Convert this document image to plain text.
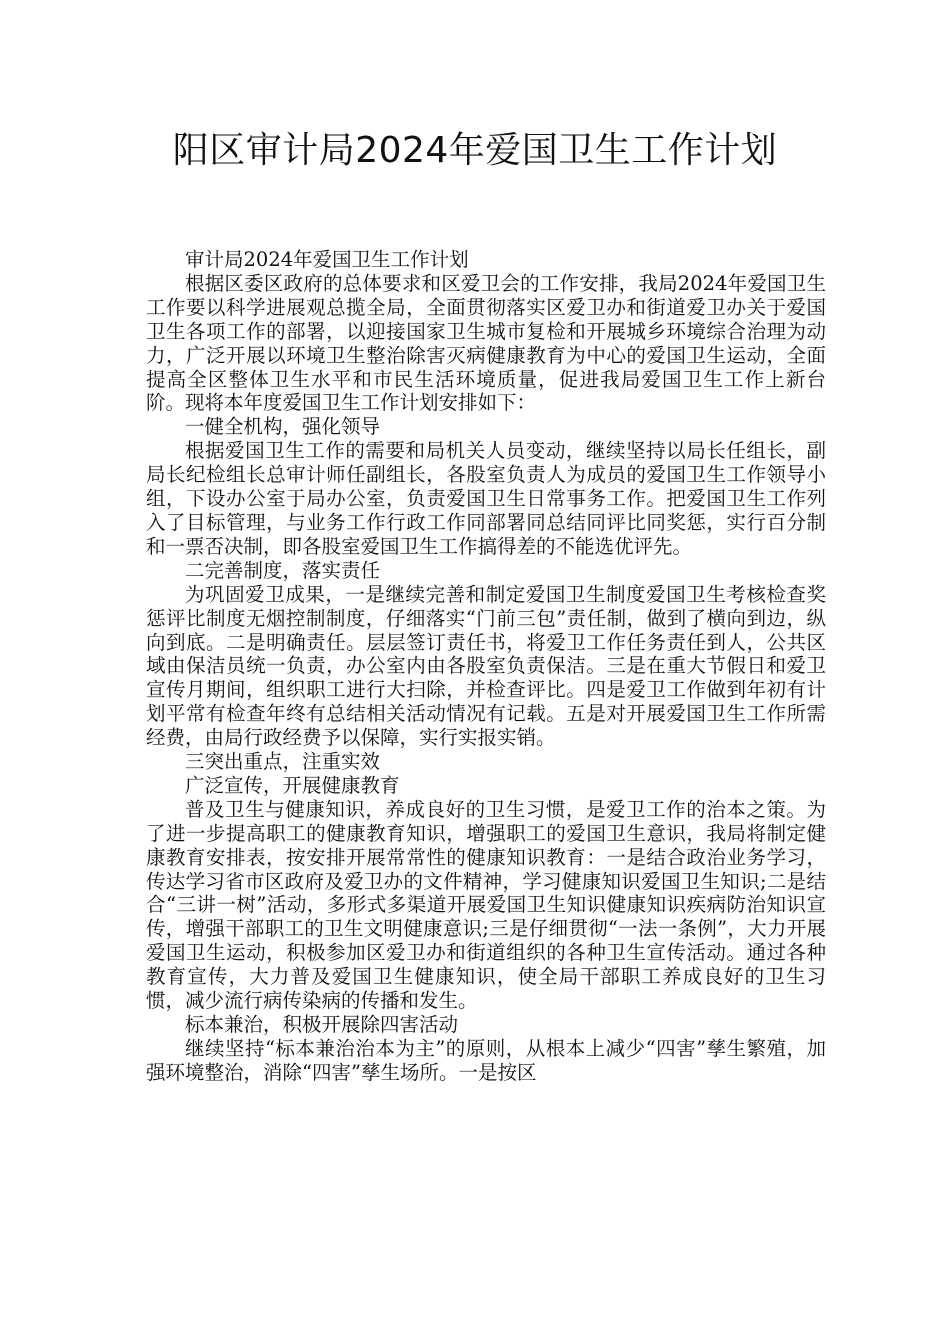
阳区审计局2024年爱国卫生工作计划

审计局2024年爱国卫生工作计划

根据区委区政府的总体要求和区爱卫会的工作安排，我局2024年爱国卫生工作要以科学进展观总揽全局，全面贯彻落实区爱卫办和街道爱卫办关于爱国卫生各项工作的部署，以迎接国家卫生城市复检和开展城乡环境综合治理为动力，广泛开展以环境卫生整治除害灭病健康教育为中心的爱国卫生运动，全面提高全区整体卫生水平和市民生活环境质量，促进我局爱国卫生工作上新台阶。现将本年度爱国卫生工作计划安排如下：

一健全机构，强化领导

根据爱国卫生工作的需要和局机关人员变动，继续坚持以局长任组长，副局长纪检组长总审计师任副组长，各股室负责人为成员的爱国卫生工作领导小组，下设办公室于局办公室，负责爱国卫生日常事务工作。把爱国卫生工作列入了目标管理，与业务工作行政工作同部署同总结同评比同奖惩，实行百分制和一票否决制，即各股室爱国卫生工作搞得差的不能选优评先。

二完善制度，落实责任

为巩固爱卫成果，一是继续完善和制定爱国卫生制度爱国卫生考核检查奖惩评比制度无烟控制制度，仔细落实“门前三包”责任制，做到了横向到边，纵向到底。二是明确责任。层层签订责任书，将爱卫工作任务责任到人，公共区域由保洁员统一负责，办公室内由各股室负责保洁。三是在重大节假日和爱卫宣传月期间，组织职工进行大扫除，并检查评比。四是爱卫工作做到年初有计划平常有检查年终有总结相关活动情况有记载。五是对开展爱国卫生工作所需经费，由局行政经费予以保障，实行实报实销。

三突出重点，注重实效

广泛宣传，开展健康教育

普及卫生与健康知识，养成良好的卫生习惯，是爱卫工作的治本之策。为了进一步提高职工的健康教育知识，增强职工的爱国卫生意识，我局将制定健康教育安排表，按安排开展常常性的健康知识教育：一是结合政治业务学习，传达学习省市区政府及爱卫办的文件精神，学习健康知识爱国卫生知识;二是结合“三讲一树”活动，多形式多渠道开展爱国卫生知识健康知识疾病防治知识宣传，增强干部职工的卫生文明健康意识;三是仔细贯彻“一法一条例”，大力开展爱国卫生运动，积极参加区爱卫办和街道组织的各种卫生宣传活动。通过各种教育宣传，大力普及爱国卫生健康知识，使全局干部职工养成良好的卫生习惯，减少流行病传染病的传播和发生。

标本兼治，积极开展除四害活动

继续坚持“标本兼治治本为主”的原则，从根本上减少“四害”孳生繁殖，加强环境整治，消除“四害”孳生场所。一是按区
